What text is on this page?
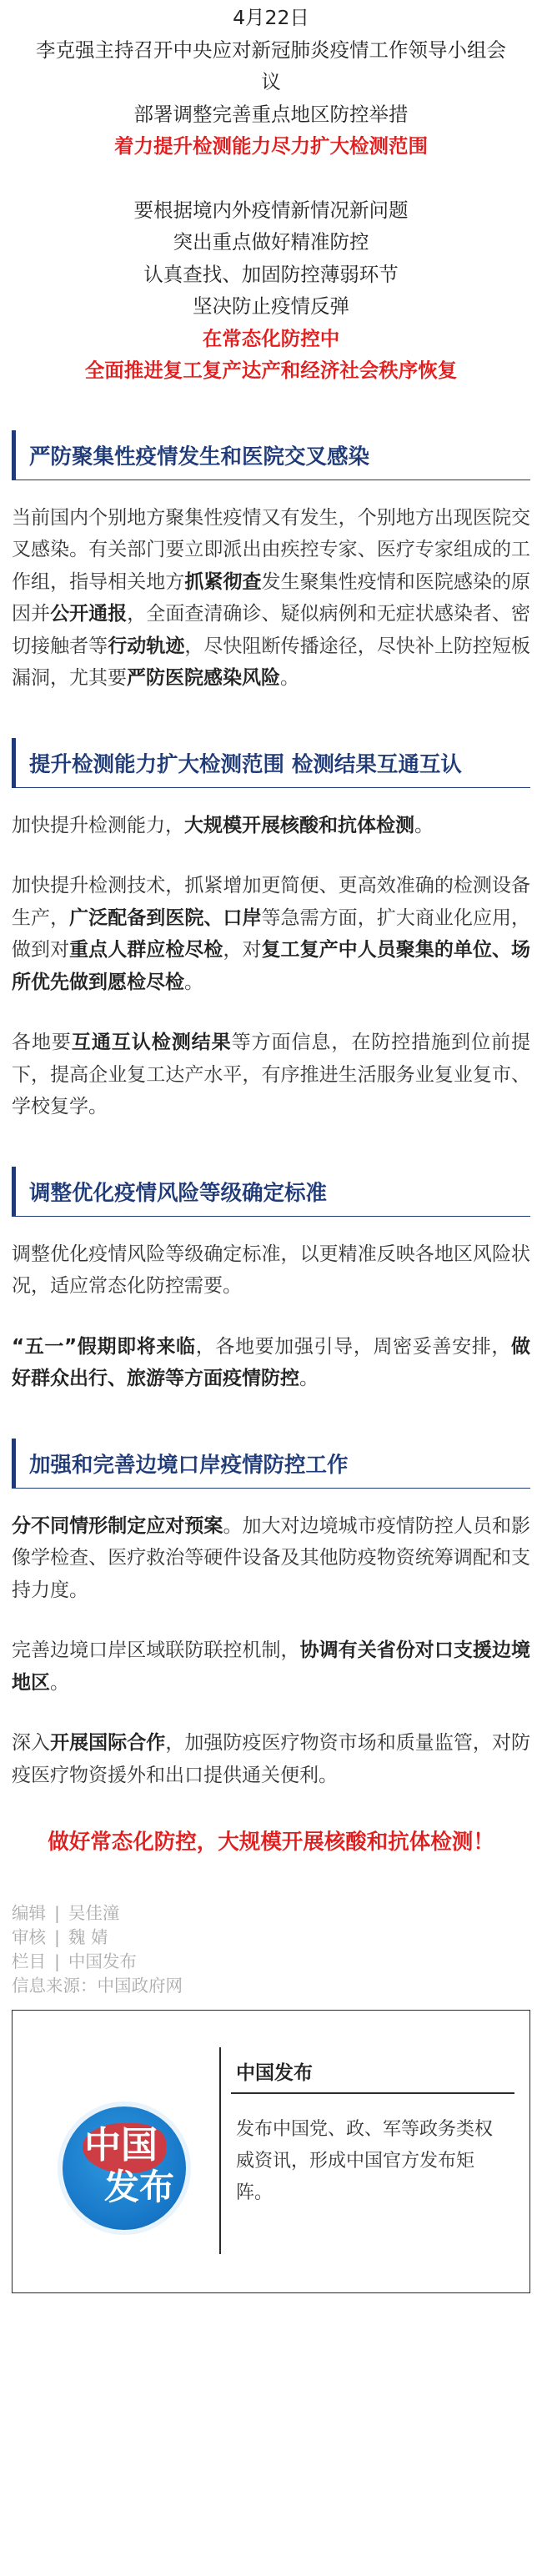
4月22日

李克强主持召开中央应对新冠肺炎疫情工作领导小组会

议

部署调整完善重点地区防控举措

着力提升检测能力尽力扩大检测范围

要根据境内外疫情新情况新问题

突出重点做好精准防控

认真查找、加固防控薄弱环节

坚决防止疫情反弹

在常态化防控中

全面推进复工复产达产和经济社会秩序恢复

严防聚集性疫情发生和医院交叉感染

当前国内个别地方聚集性疫情又有发生，个别地方出现医院交叉感染。有关部门要立即派出由疾控专家、医疗专家组成的工作组，指导相关地方抓紧彻查发生聚集性疫情和医院感染的原因并公开通报，全面查清确诊、疑似病例和无症状感染者、密切接触者等行动轨迹，尽快阻断传播途径，尽快补上防控短板漏洞，尤其要严防医院感染风险。

提升检测能力扩大检测范围 检测结果互通互认

加快提升检测能力，大规模开展核酸和抗体检测。

加快提升检测技术，抓紧增加更简便、更高效准确的检测设备生产，广泛配备到医院、口岸等急需方面，扩大商业化应用，做到对重点人群应检尽检，对复工复产中人员聚集的单位、场所优先做到愿检尽检。

各地要互通互认检测结果等方面信息，在防控措施到位前提下，提高企业复工达产水平，有序推进生活服务业复业复市、学校复学。

调整优化疫情风险等级确定标准

调整优化疫情风险等级确定标准，以更精准反映各地区风险状况，适应常态化防控需要。

“五一”假期即将来临，各地要加强引导，周密妥善安排，做好群众出行、旅游等方面疫情防控。

加强和完善边境口岸疫情防控工作

分不同情形制定应对预案。加大对边境城市疫情防控人员和影像学检查、医疗救治等硬件设备及其他防疫物资统筹调配和支持力度。

完善边境口岸区域联防联控机制，协调有关省份对口支援边境地区。

深入开展国际合作，加强防疫医疗物资市场和质量监管，对防疫医疗物资援外和出口提供通关便利。

做好常态化防控，大规模开展核酸和抗体检测！

编辑 | 吴佳潼
审核 | 魏 婧
栏目 | 中国发布
信息来源：中国政府网
中国
发布
中国发布
发布中国党、政、军等政务类权威资讯，形成中国官方发布矩阵。
